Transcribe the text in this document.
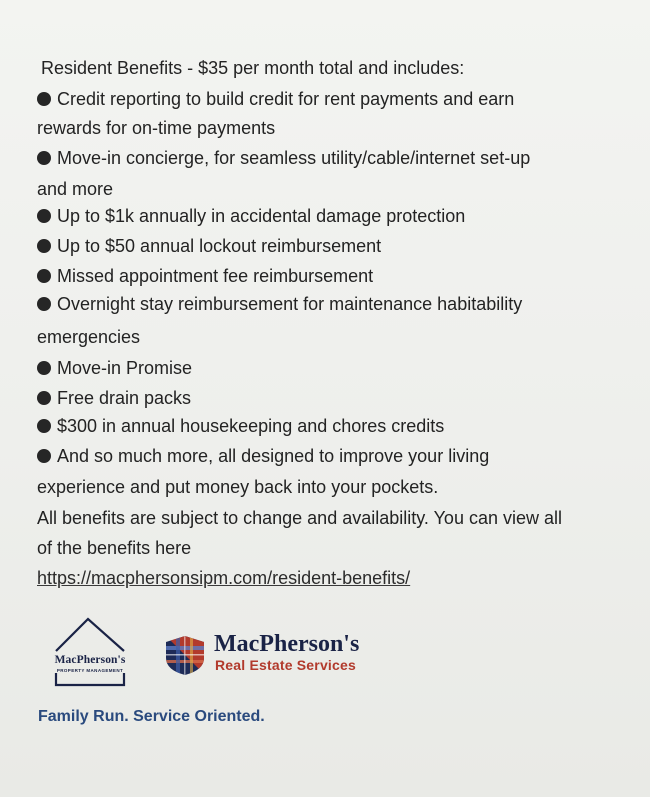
Resident Benefits - $35 per month total and includes:
Credit reporting to build credit for rent payments and earn
rewards for on-time payments
Move-in concierge, for seamless utility/cable/internet set-up
and more
Up to $1k annually in accidental damage protection
Up to $50 annual lockout reimbursement
Missed appointment fee reimbursement
Overnight stay reimbursement for maintenance habitability
emergencies
Move-in Promise
Free drain packs
$300 in annual housekeeping and chores credits
And so much more, all designed to improve your living
experience and put money back into your pockets.
All benefits are subject to change and availability. You can view all
of the benefits here
https://macphersonsipm.com/resident-benefits/
MacPherson's
PROPERTY MANAGEMENT
MacPherson's
Real Estate Services
Family Run. Service Oriented.
